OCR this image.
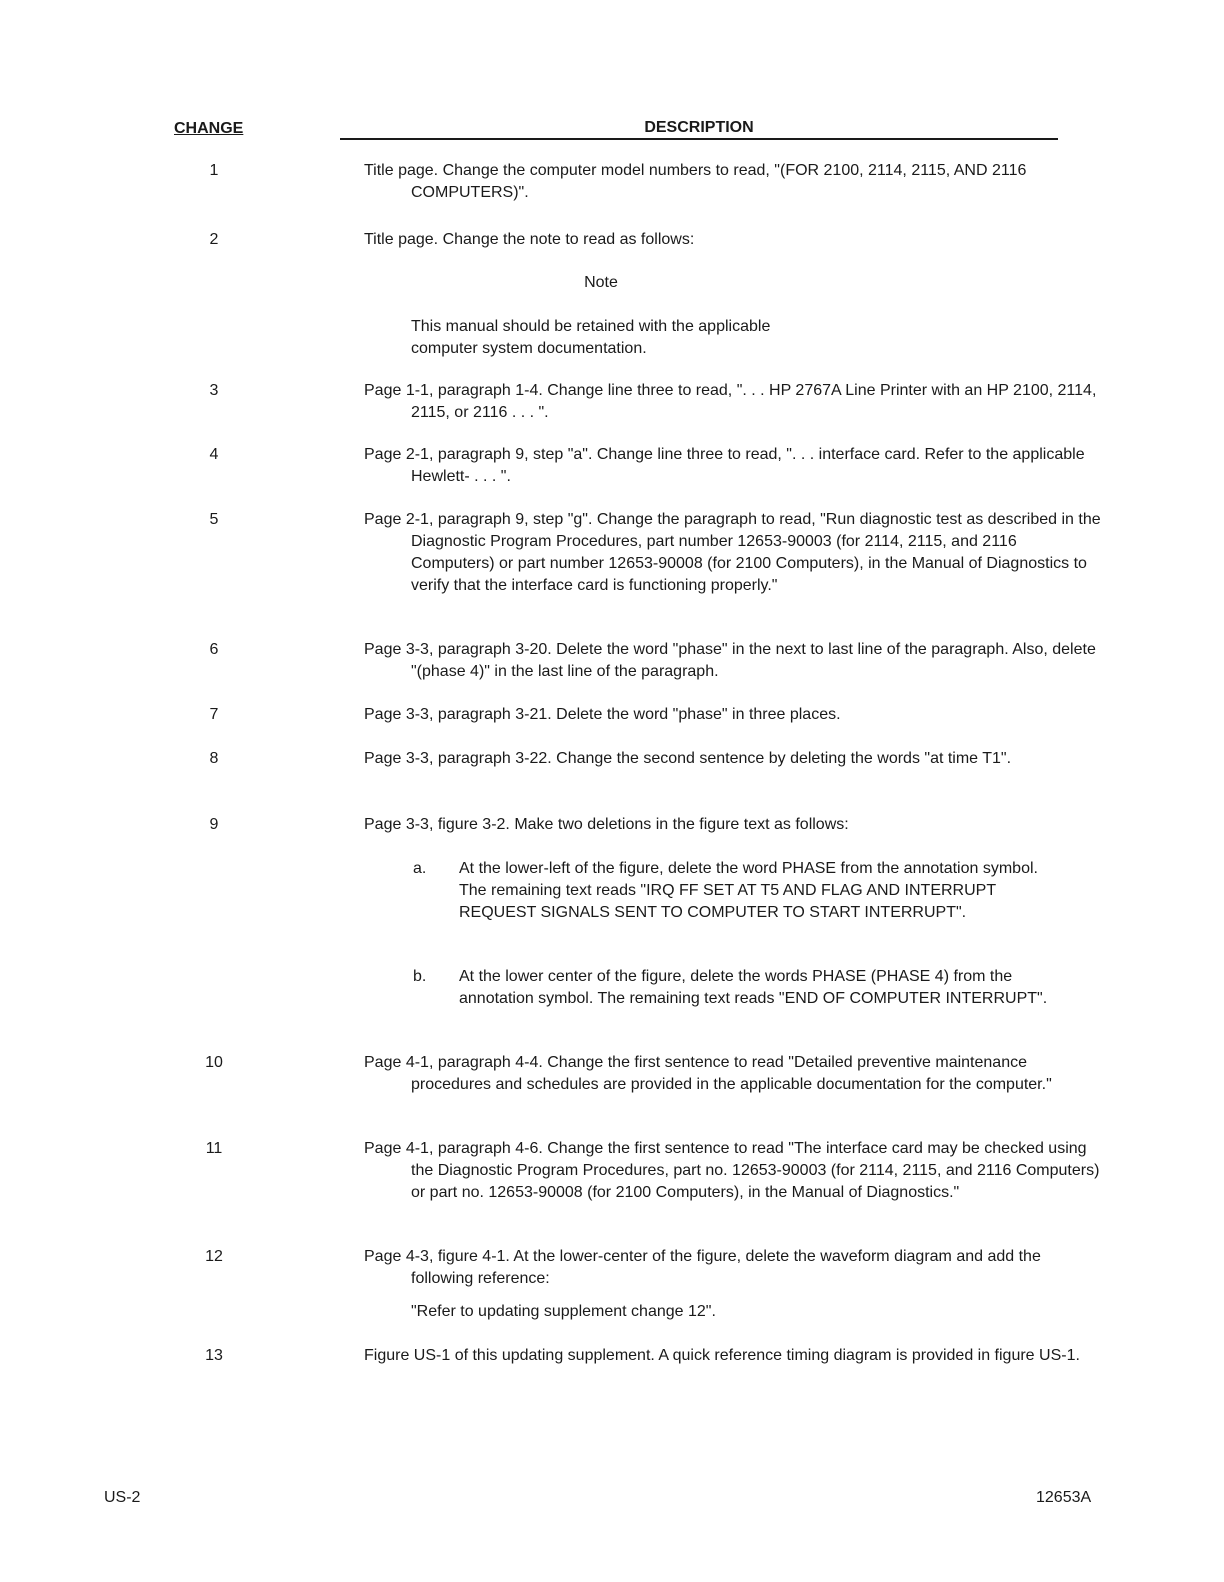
CHANGE	DESCRIPTION
1	Title page. Change the computer model numbers to read, "(FOR 2100, 2114, 2115, AND 2116 COMPUTERS)".
2	Title page. Change the note to read as follows:
Note
This manual should be retained with the applicable computer system documentation.
3	Page 1-1, paragraph 1-4. Change line three to read, ". . . HP 2767A Line Printer with an HP 2100, 2114, 2115, or 2116 . . . ".
4	Page 2-1, paragraph 9, step "a". Change line three to read, ". . . interface card. Refer to the applicable Hewlett- . . . ".
5	Page 2-1, paragraph 9, step "g". Change the paragraph to read, "Run diagnostic test as described in the Diagnostic Program Procedures, part number 12653-90003 (for 2114, 2115, and 2116 Computers) or part number 12653-90008 (for 2100 Computers), in the Manual of Diagnostics to verify that the interface card is functioning properly."
6	Page 3-3, paragraph 3-20. Delete the word "phase" in the next to last line of the paragraph. Also, delete "(phase 4)" in the last line of the paragraph.
7	Page 3-3, paragraph 3-21. Delete the word "phase" in three places.
8	Page 3-3, paragraph 3-22. Change the second sentence by deleting the words "at time T1".
9	Page 3-3, figure 3-2. Make two deletions in the figure text as follows:
a. At the lower-left of the figure, delete the word PHASE from the annotation symbol. The remaining text reads "IRQ FF SET AT T5 AND FLAG AND INTERRUPT REQUEST SIGNALS SENT TO COMPUTER TO START INTERRUPT".
b. At the lower center of the figure, delete the words PHASE (PHASE 4) from the annotation symbol. The remaining text reads "END OF COMPUTER INTERRUPT".
10	Page 4-1, paragraph 4-4. Change the first sentence to read "Detailed preventive maintenance procedures and schedules are provided in the applicable documentation for the computer."
11	Page 4-1, paragraph 4-6. Change the first sentence to read "The interface card may be checked using the Diagnostic Program Procedures, part no. 12653-90003 (for 2114, 2115, and 2116 Computers) or part no. 12653-90008 (for 2100 Computers), in the Manual of Diagnostics."
12	Page 4-3, figure 4-1. At the lower-center of the figure, delete the waveform diagram and add the following reference:
"Refer to updating supplement change 12".
13	Figure US-1 of this updating supplement. A quick reference timing diagram is provided in figure US-1.
US-2	12653A
